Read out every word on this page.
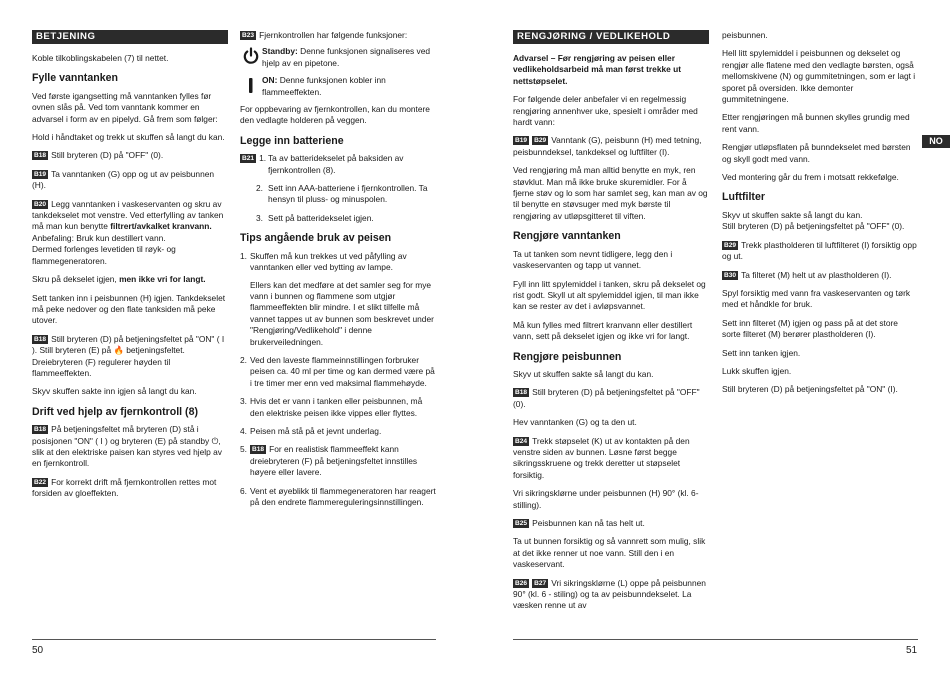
BETJENING

Koble tilkoblingskabelen (7) til nettet.

Fylle vanntanken

Ved første igangsetting må vanntanken fylles før ovnen slås på. Ved tom vanntank kommer en advarsel i form av en pipelyd. Gå frem som følger:

Hold i håndtaket og trekk ut skuffen så langt du kan.

B18 Still bryteren (D) på "OFF" (0).

B19 Ta vanntanken (G) opp og ut av peisbunnen (H).

B20 Legg vanntanken i vaskeservanten og skru av tankdekselet mot venstre. Ved etterfylling av tanken må man kun benytte filtrert/avkalket kranvann.
Anbefaling: Bruk kun destillert vann.
Dermed forlenges levetiden til røyk- og flammegeneratoren.

Skru på dekselet igjen, men ikke vri for langt.

Sett tanken inn i peisbunnen (H) igjen. Tankdekselet må peke nedover og den flate tanksiden må peke utover.

B18 Still bryteren (D) på betjeningsfeltet på "ON" ( I ). Still bryteren (E) på 🔥 betjeningsfeltet. Dreiebryteren (F) regulerer høyden til flammeeffekten.

Skyv skuffen sakte inn igjen så langt du kan.

Drift ved hjelp av fjernkontroll (8)

B18 På betjeningsfeltet må bryteren (D) stå i posisjonen "ON" ( I ) og bryteren (E) på standby ⏻, slik at den elektriske paisen kan styres ved hjelp av en fjernkontroll.

B22 For korrekt drift må fjernkontrollen rettes mot forsiden av gloeffekten.

B23 Fjernkontrollen har følgende funksjoner:

Standby: Denne funksjonen signaliseres ved hjelp av en pipetone.
ON: Denne funksjonen kobler inn flammeeffekten.

For oppbevaring av fjernkontrollen, kan du montere den vedlagte holderen på veggen.

Legge inn batteriene
B21 1. Ta av batteridekselet på baksiden av fjernkontrollen (8).
2. Sett inn AAA-batteriene i fjernkontrollen. Ta hensyn til pluss- og minuspolen.
3. Sett på batteridekselet igjen.
Tips angående bruk av peisen
1. Skuffen må kun trekkes ut ved påfylling av vanntanken eller ved bytting av lampe.

Ellers kan det medføre at det samler seg for mye vann i bunnen og flammene som utgjør flammeeffekten blir mindre. I et slikt tilfelle må vannet tappes ut av bunnen som beskrevet under "Rengjøring/Vedlikehold" i denne brukerveiledningen.

2. Ved den laveste flammeinnstillingen forbruker peisen ca. 40 ml per time og kan dermed være på i tre timer mer enn ved maksimal flammehøyde.
3. Hvis det er vann i tanken eller peisbunnen, må den elektriske peisen ikke vippes eller flyttes.
4. Peisen må stå på et jevnt underlag.
5. B18 For en realistisk flammeeffekt kann dreiebryteren (F) på betjeningsfeltet innstilles høyere eller lavere.
6. Vent et øyeblikk til flammegeneratoren har reagert på den endrete flammereguleringsinnstillingen.
RENGJØRING / VEDLIKEHOLD

Advarsel – Før rengjøring av peisen eller vedlikeholdsarbeid må man først trekke ut nettstøpselet.

For følgende deler anbefaler vi en regelmessig rengjøring annenhver uke, spesielt i områder med hardt vann:

B19 B29 Vanntank (G), peisbunn (H) med tetning, peisbunndeksel, tankdeksel og luftfilter (I).

Ved rengjøring må man alltid benytte en myk, ren støvklut. Man må ikke bruke skuremidler. For å fjerne støv og lo som har samlet seg, kan man av og til benytte en støvsuger med myk børste til rengjøring av utløpsgitteret til viften.

Rengjøre vanntanken

Ta ut tanken som nevnt tidligere, legg den i vaskeservanten og tapp ut vannet.

Fyll inn litt spylemiddel i tanken, skru på dekselet og rist godt. Skyll ut alt spylemiddel igjen, til man ikke kan se rester av det i avløpsvannet.

Må kun fylles med filtrert kranvann eller destillert vann, sett på dekselet igjen og ikke vri for langt.

Rengjøre peisbunnen

Skyv ut skuffen sakte så langt du kan.

B18 Still bryteren (D) på betjeningsfeltet på "OFF" (0).

Hev vanntanken (G) og ta den ut.

B24 Trekk støpselet (K) ut av kontakten på den venstre siden av bunnen. Løsne først begge sikringsskruene og trekk deretter ut støpselet forsiktig.

Vri sikringsklørne under peisbunnen (H) 90° (kl. 6-stilling).

B25 Peisbunnen kan nå tas helt ut.

Ta ut bunnen forsiktig og så vannrett som mulig, slik at det ikke renner ut noe vann. Still den i en vaskeservant.

B26 B27 Vri sikringsklørne (L) oppe på peisbunnen 90° (kl. 6 - stiling) og ta av peisbunndekselet. La væsken renne ut av

peisbunnen.

Hell litt spylemiddel i peisbunnen og dekselet og rengjør alle flatene med den vedlagte børsten, også mellomskivene (N) og gummitetningen, som er lagt i sporet på oversiden. Ikke demonter gummitetningene.

Etter rengjøringen må bunnen skylles grundig med rent vann.

Rengjør utløpsflaten på bunndekselet med børsten og skyll godt med vann.

Ved montering går du frem i motsatt rekkefølge.

Luftfilter

Skyv ut skuffen sakte så langt du kan.
Still bryteren (D) på betjeningsfeltet på "OFF" (0).

B29 Trekk plastholderen til luftfilteret (I) forsiktig opp og ut.

B30 Ta filteret (M) helt ut av plastholderen (I).

Spyl forsiktig med vann fra vaskeservanten og tørk med et håndkle for bruk.

Sett inn filteret (M) igjen og pass på at det store sorte filteret (M) berører plastholderen (I).

Sett inn tanken igjen.

Lukk skuffen igjen.

Still bryteren (D) på betjeningsfeltet på "ON" (I).

NO
50	51
